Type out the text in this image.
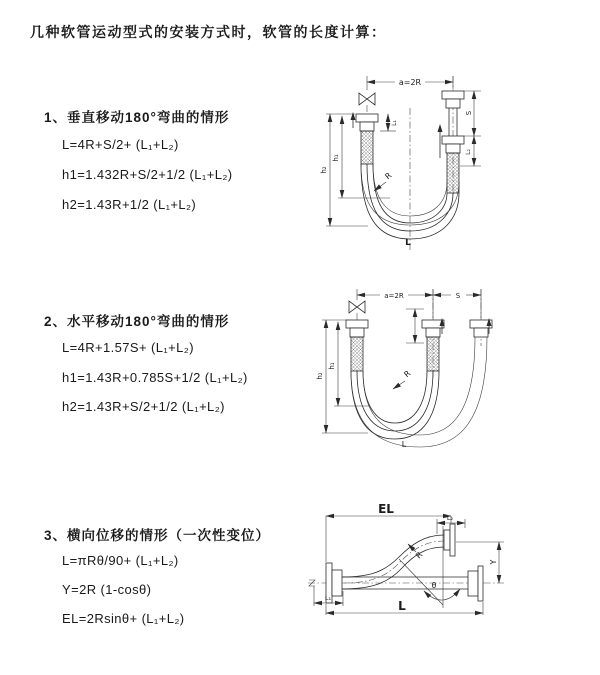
几种软管运动型式的安装方式时，软管的长度计算：
1、垂直移动180°弯曲的情形
L=4R+S/2+ (L₁+L₂)
h1=1.432R+S/2+1/2 (L₁+L₂)
h2=1.43R+1/2 (L₁+L₂)
2、水平移动180°弯曲的情形
L=4R+1.57S+ (L₁+L₂)
h1=1.43R+0.785S+1/2 (L₁+L₂)
h2=1.43R+S/2+1/2 (L₁+L₂)
3、横向位移的情形（一次性变位）
L=πRθ/90+ (L₁+L₂)
Y=2R (1-cosθ)
EL=2Rsinθ+ (L₁+L₂)
a=2R
h₂
h₁
L₁
S
L₂
R
L
a=2R	S
h₂
h₁
R
L
θ
EL
L₂
Y
L
L₁
R
